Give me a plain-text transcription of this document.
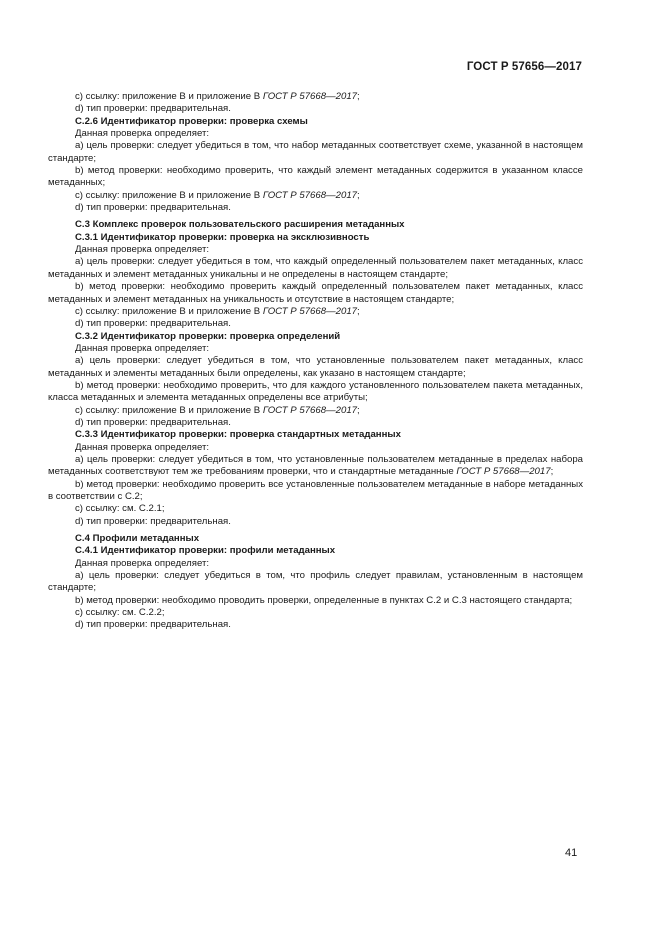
ГОСТ Р 57656—2017
c) ссылку: приложение B и приложение B ГОСТ Р 57668—2017;
d) тип проверки: предварительная.
C.2.6 Идентификатор проверки: проверка схемы
Данная проверка определяет:
a) цель проверки: следует убедиться в том, что набор метаданных соответствует схеме, указанной в настоящем стандарте;
b) метод проверки: необходимо проверить, что каждый элемент метаданных содержится в указанном классе метаданных;
c) ссылку: приложение B и приложение B ГОСТ Р 57668—2017;
d) тип проверки: предварительная.
C.3 Комплекс проверок пользовательского расширения метаданных
C.3.1 Идентификатор проверки: проверка на эксклюзивность
Данная проверка определяет:
a) цель проверки: следует убедиться в том, что каждый определенный пользователем пакет метаданных, класс метаданных и элемент метаданных уникальны и не определены в настоящем стандарте;
b) метод проверки: необходимо проверить каждый определенный пользователем пакет метаданных, класс метаданных и элемент метаданных на уникальность и отсутствие в настоящем стандарте;
c) ссылку: приложение B и приложение B ГОСТ Р 57668—2017;
d) тип проверки: предварительная.
C.3.2 Идентификатор проверки: проверка определений
Данная проверка определяет:
a) цель проверки: следует убедиться в том, что установленные пользователем пакет метаданных, класс метаданных и элементы метаданных были определены, как указано в настоящем стандарте;
b) метод проверки: необходимо проверить, что для каждого установленного пользователем пакета метаданных, класса метаданных и элемента метаданных определены все атрибуты;
c) ссылку: приложение B и приложение B ГОСТ Р 57668—2017;
d) тип проверки: предварительная.
C.3.3 Идентификатор проверки: проверка стандартных метаданных
Данная проверка определяет:
a) цель проверки: следует убедиться в том, что установленные пользователем метаданные в пределах набора метаданных соответствуют тем же требованиям проверки, что и стандартные метаданные ГОСТ Р 57668—2017;
b) метод проверки: необходимо проверить все установленные пользователем метаданные в наборе метаданных в соответствии с C.2;
c) ссылку: см. C.2.1;
d) тип проверки: предварительная.
C.4 Профили метаданных
C.4.1 Идентификатор проверки: профили метаданных
Данная проверка определяет:
a) цель проверки: следует убедиться в том, что профиль следует правилам, установленным в настоящем стандарте;
b) метод проверки: необходимо проводить проверки, определенные в пунктах C.2 и C.3 настоящего стандарта;
c) ссылку: см. C.2.2;
d) тип проверки: предварительная.
41
